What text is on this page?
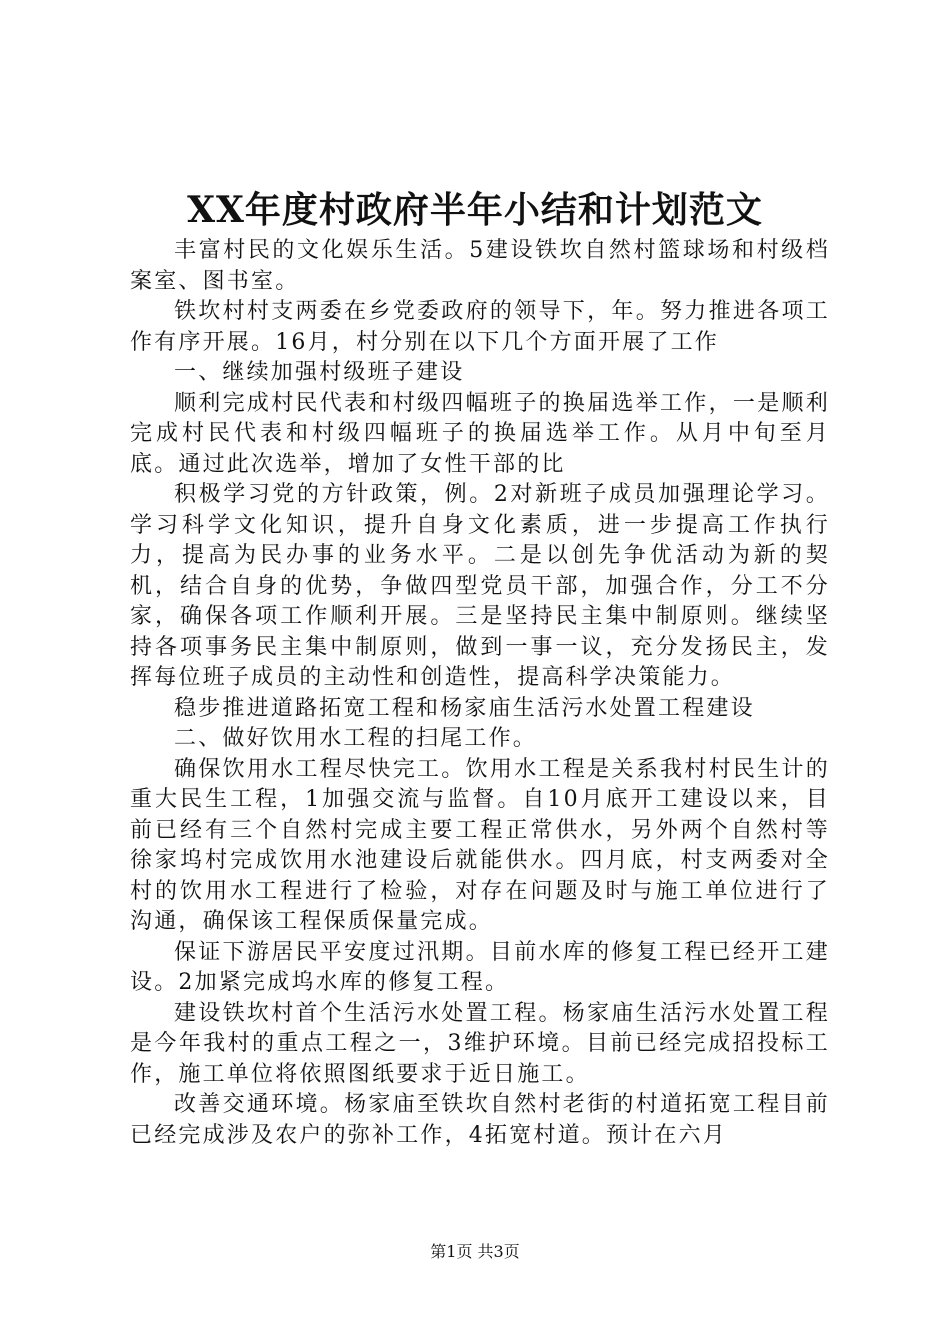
XX年度村政府半年小结和计划范文

丰富村民的文化娱乐生活。5建设铁坎自然村篮球场和村级档案室、图书室。

铁坎村村支两委在乡党委政府的领导下，年。努力推进各项工作有序开展。16月，村分别在以下几个方面开展了工作

一、继续加强村级班子建设

顺利完成村民代表和村级四幅班子的换届选举工作，一是顺利完成村民代表和村级四幅班子的换届选举工作。从月中旬至月底。通过此次选举，增加了女性干部的比

积极学习党的方针政策，例。2对新班子成员加强理论学习。学习科学文化知识，提升自身文化素质，进一步提高工作执行力，提高为民办事的业务水平。二是以创先争优活动为新的契机，结合自身的优势，争做四型党员干部，加强合作，分工不分家，确保各项工作顺利开展。三是坚持民主集中制原则。继续坚持各项事务民主集中制原则，做到一事一议，充分发扬民主，发挥每位班子成员的主动性和创造性，提高科学决策能力。

稳步推进道路拓宽工程和杨家庙生活污水处置工程建设

二、做好饮用水工程的扫尾工作。

确保饮用水工程尽快完工。饮用水工程是关系我村村民生计的重大民生工程，1加强交流与监督。自10月底开工建设以来，目前已经有三个自然村完成主要工程正常供水，另外两个自然村等徐家坞村完成饮用水池建设后就能供水。四月底，村支两委对全村的饮用水工程进行了检验，对存在问题及时与施工单位进行了沟通，确保该工程保质保量完成。

保证下游居民平安度过汛期。目前水库的修复工程已经开工建设。2加紧完成坞水库的修复工程。

建设铁坎村首个生活污水处置工程。杨家庙生活污水处置工程是今年我村的重点工程之一，3维护环境。目前已经完成招投标工作，施工单位将依照图纸要求于近日施工。

改善交通环境。杨家庙至铁坎自然村老街的村道拓宽工程目前已经完成涉及农户的弥补工作，4拓宽村道。预计在六月

第1页 共3页
